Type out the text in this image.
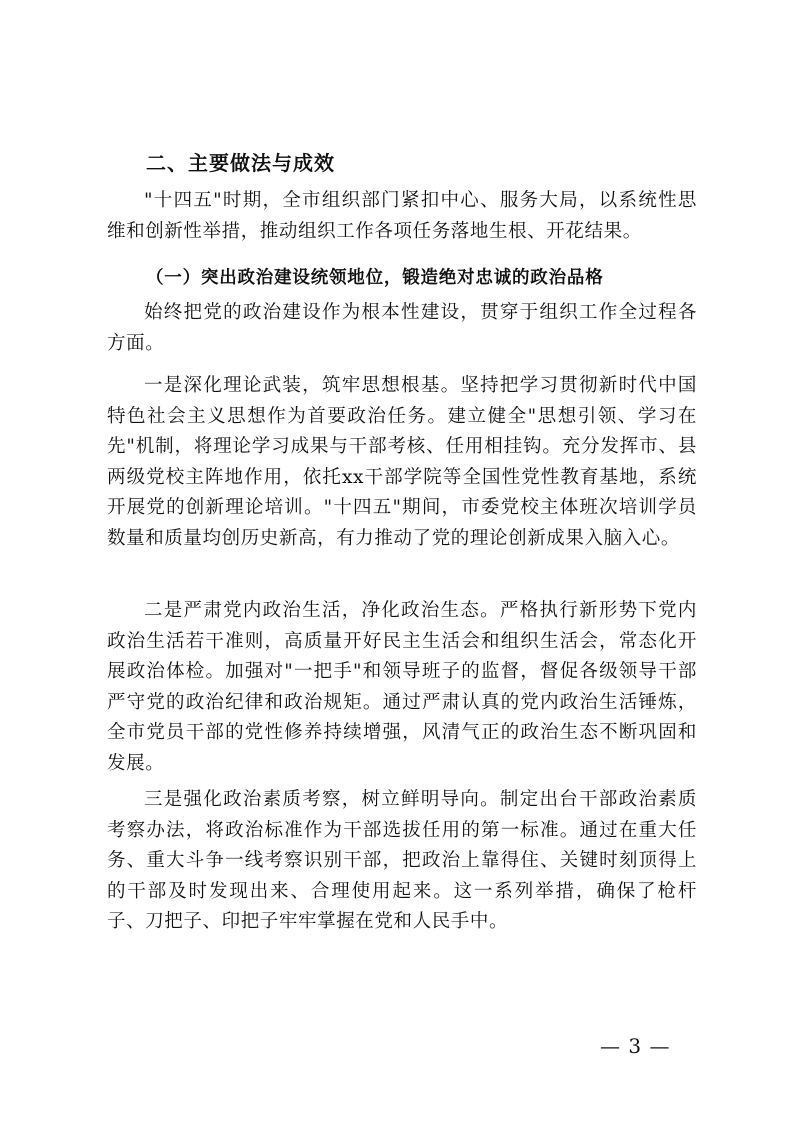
二、主要做法与成效

"十四五"时期，全市组织部门紧扣中心、服务大局，以系统性思维和创新性举措，推动组织工作各项任务落地生根、开花结果。

（一）突出政治建设统领地位，锻造绝对忠诚的政治品格

始终把党的政治建设作为根本性建设，贯穿于组织工作全过程各方面。

一是深化理论武装，筑牢思想根基。坚持把学习贯彻新时代中国特色社会主义思想作为首要政治任务。建立健全"思想引领、学习在先"机制，将理论学习成果与干部考核、任用相挂钩。充分发挥市、县两级党校主阵地作用，依托xx干部学院等全国性党性教育基地，系统开展党的创新理论培训。"十四五"期间，市委党校主体班次培训学员数量和质量均创历史新高，有力推动了党的理论创新成果入脑入心。

二是严肃党内政治生活，净化政治生态。严格执行新形势下党内政治生活若干准则，高质量开好民主生活会和组织生活会，常态化开展政治体检。加强对"一把手"和领导班子的监督，督促各级领导干部严守党的政治纪律和政治规矩。通过严肃认真的党内政治生活锤炼，全市党员干部的党性修养持续增强，风清气正的政治生态不断巩固和发展。

三是强化政治素质考察，树立鲜明导向。制定出台干部政治素质考察办法，将政治标准作为干部选拔任用的第一标准。通过在重大任务、重大斗争一线考察识别干部，把政治上靠得住、关键时刻顶得上的干部及时发现出来、合理使用起来。这一系列举措，确保了枪杆子、刀把子、印把子牢牢掌握在党和人民手中。

— 3 —
